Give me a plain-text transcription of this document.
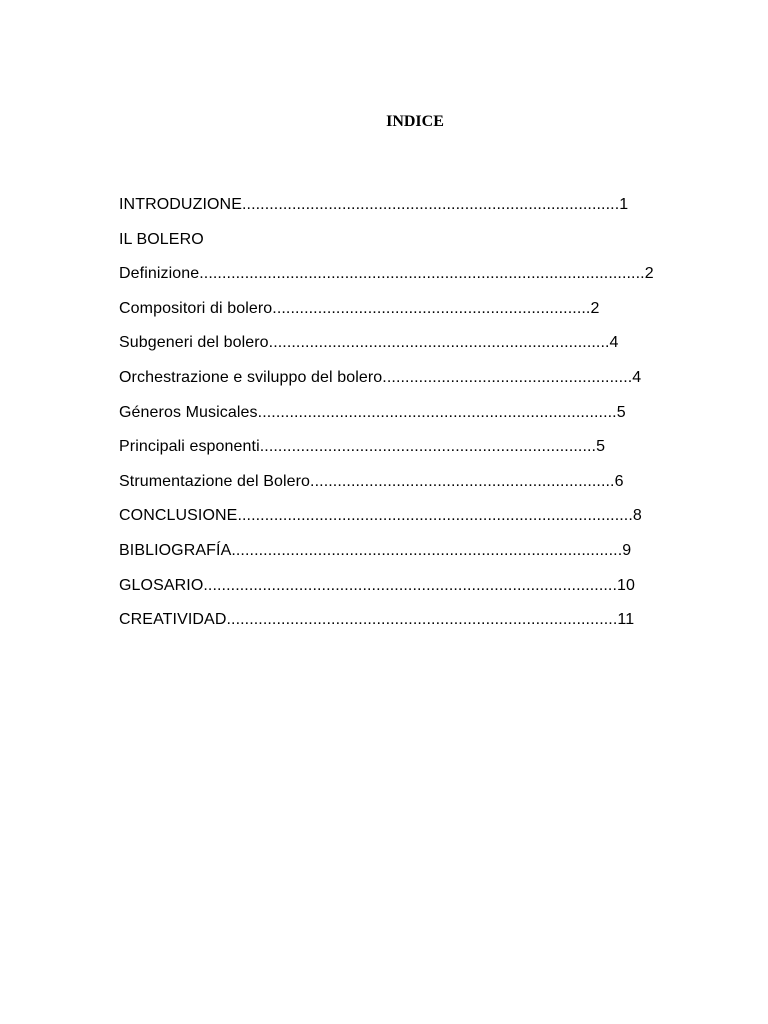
INDICE
INTRODUZIONE...................................................................................1
IL BOLERO
Definizione..................................................................................................2
Compositori di bolero......................................................................2
Subgeneri del bolero...........................................................................4
Orchestrazione e sviluppo del bolero.......................................................4
Géneros Musicales...............................................................................5
Principali esponenti..........................................................................5
Strumentazione del Bolero...................................................................6
CONCLUSIONE.......................................................................................8
BIBLIOGRAFÍA......................................................................................9
GLOSARIO...........................................................................................10
CREATIVIDAD......................................................................................11
